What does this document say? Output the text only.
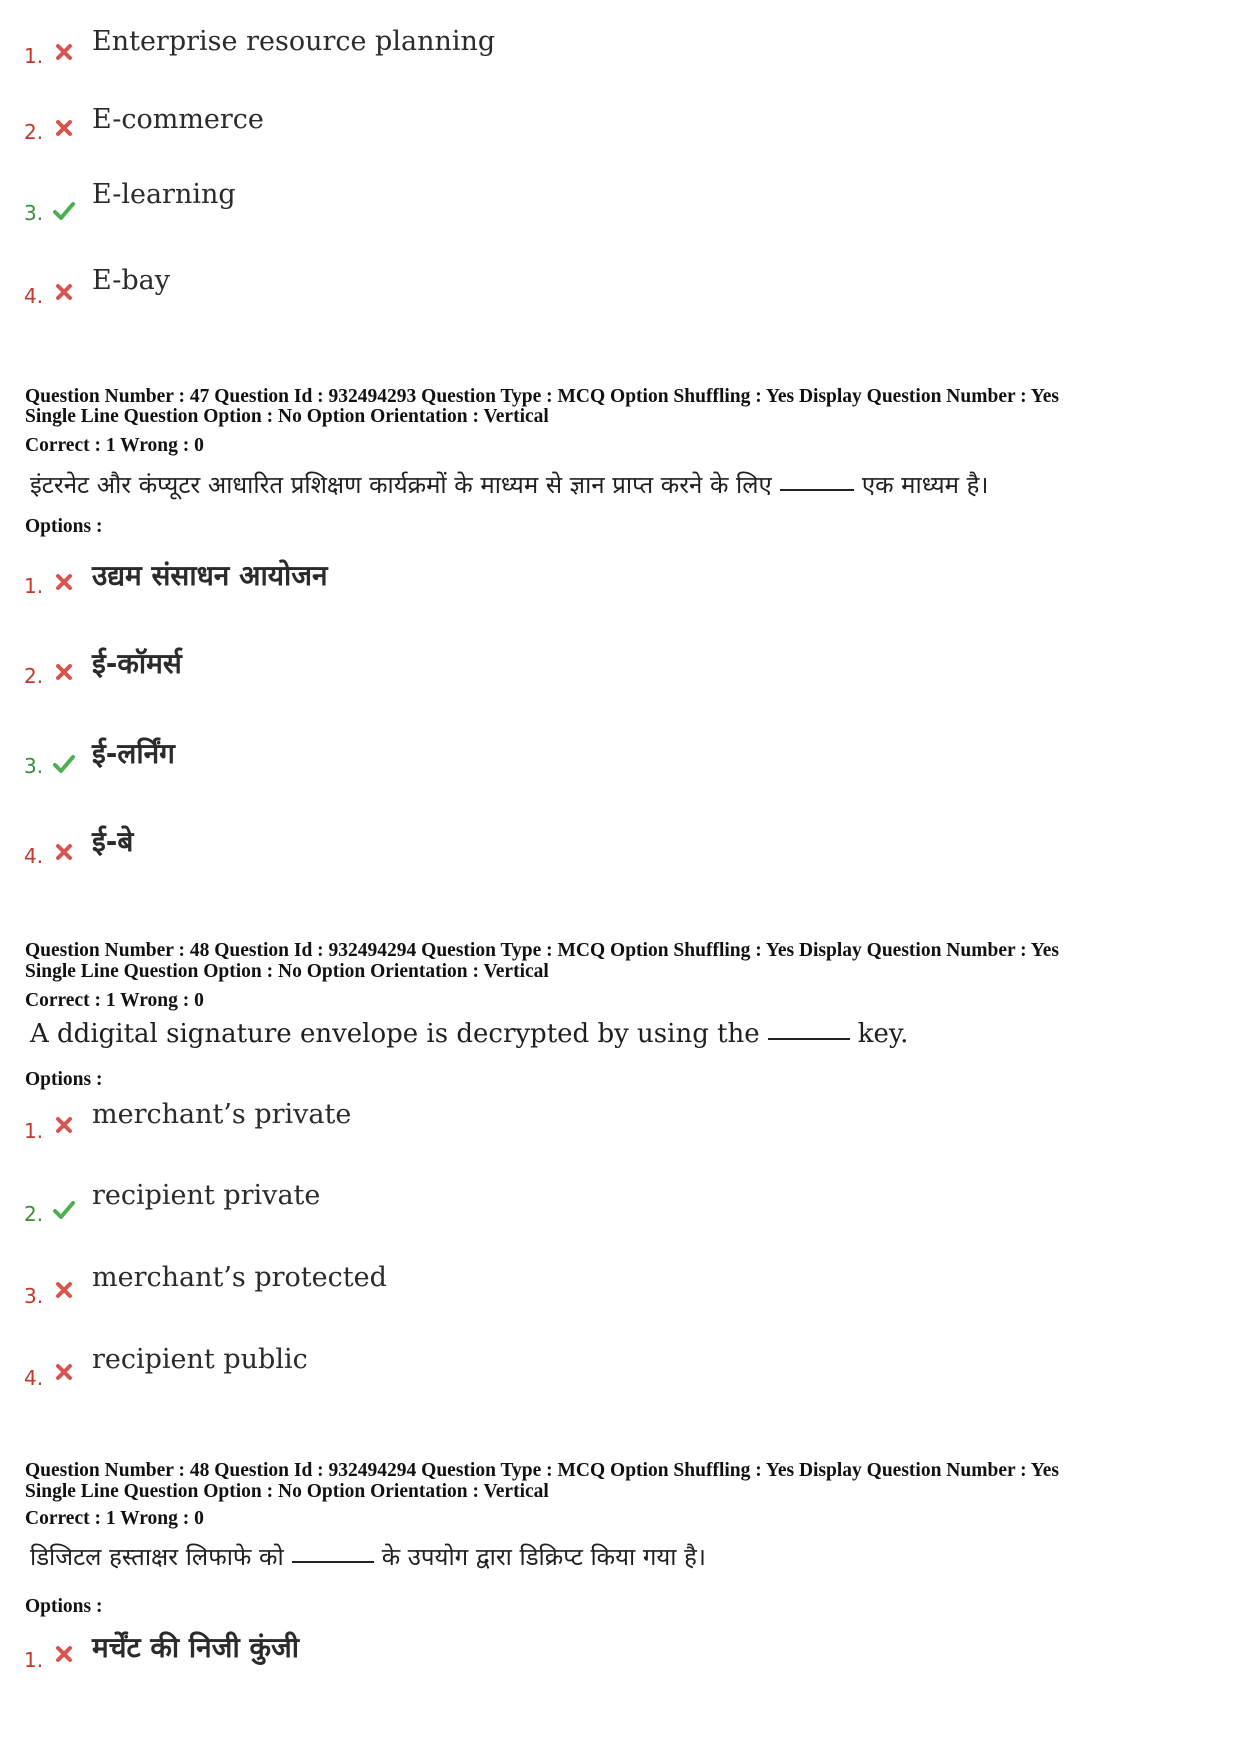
1. Enterprise resource planning
2. E-commerce
3.
E-learning
4. E-bay
Question Number : 47 Question Id : 932494293 Question Type : MCQ Option Shuffling : Yes Display Question Number : Yes
Single Line Question Option : No Option Orientation : Vertical
Correct : 1 Wrong : 0
इंटरनेट और कंप्यूटर आधारित प्रशिक्षण कार्यक्रमों के माध्यम से ज्ञान प्राप्त करने के लिए	एक माध्यम है।
Options :
1. उद्यम संसाधन आयोजन
2. ई-कॉमर्स
3. ई-लर्निंग
4. ई-बे
Question Number : 48 Question Id : 932494294 Question Type : MCQ Option Shuffling : Yes Display Question Number : Yes
Single Line Question Option : No Option Orientation : Vertical
Correct : 1 Wrong : 0
A ddigital signature envelope is decrypted by using the	key.
Options :
1.
merchant’s private
2.
recipient private
3.
merchant’s protected
4.
recipient public
Question Number : 48 Question Id : 932494294 Question Type : MCQ Option Shuffling : Yes Display Question Number : Yes
Single Line Question Option : No Option Orientation : Vertical
Correct : 1 Wrong : 0
डिजिटल हस्ताक्षर लिफाफे को	के उपयोग द्वारा डिक्रिप्ट किया गया है।
Options :
1. मर्चेंट की निजी कुंजी
